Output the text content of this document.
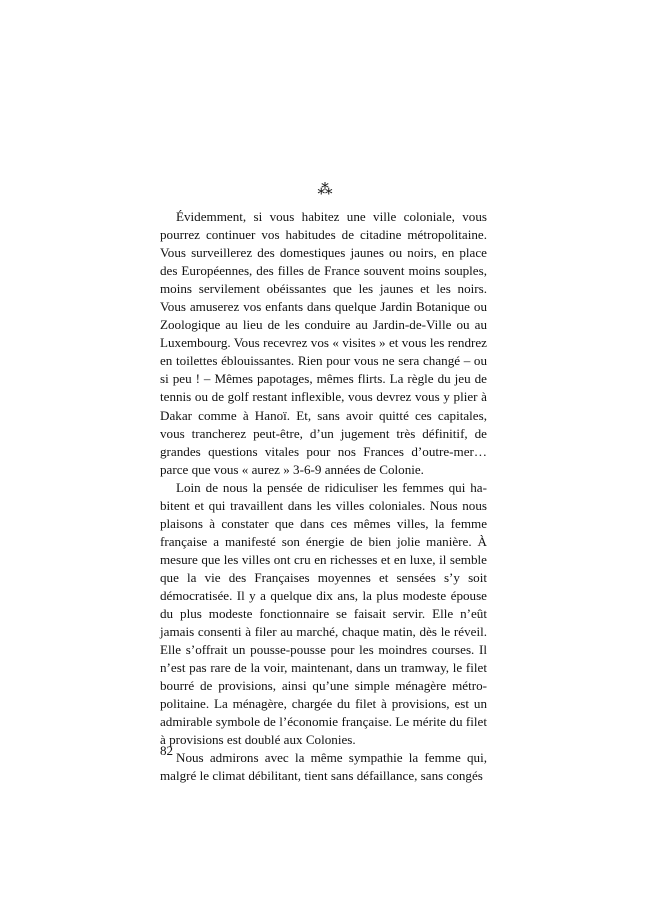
⁂

Évidemment, si vous habitez une ville coloniale, vous pourrez continuer vos habitudes de citadine métropolitaine. Vous surveillerez des domestiques jaunes ou noirs, en place des Européennes, des filles de France souvent moins souples, moins servilement obéissantes que les jaunes et les noirs. Vous amuserez vos enfants dans quelque Jardin Botanique ou Zoologique au lieu de les conduire au Jardin-de-Ville ou au Luxembourg. Vous recevrez vos « visites » et vous les rendrez en toilettes éblouissantes. Rien pour vous ne sera changé – ou si peu ! – Mêmes papotages, mêmes flirts. La règle du jeu de tennis ou de golf restant inflexible, vous devrez vous y plier à Dakar comme à Hanoï. Et, sans avoir quitté ces capitales, vous trancherez peut-être, d’un jugement très définitif, de grandes questions vitales pour nos Frances d’outre-mer… parce que vous « aurez » 3-6-9 années de Colonie.

Loin de nous la pensée de ridiculiser les femmes qui habitent et qui travaillent dans les villes coloniales. Nous nous plaisons à constater que dans ces mêmes villes, la femme française a manifesté son énergie de bien jolie manière. À mesure que les villes ont cru en richesses et en luxe, il semble que la vie des Françaises moyennes et sensées s’y soit démocratisée. Il y a quelque dix ans, la plus modeste épouse du plus modeste fonctionnaire se faisait servir. Elle n’eût jamais consenti à filer au marché, chaque matin, dès le réveil. Elle s’offrait un pousse-pousse pour les moindres courses. Il n’est pas rare de la voir, maintenant, dans un tramway, le filet bourré de provisions, ainsi qu’une simple ménagère métropolitaine. La ménagère, chargée du filet à provisions, est un admirable symbole de l’économie française. Le mérite du filet à provisions est doublé aux Colonies.

Nous admirons avec la même sympathie la femme qui, malgré le climat débilitant, tient sans défaillance, sans congés

82
